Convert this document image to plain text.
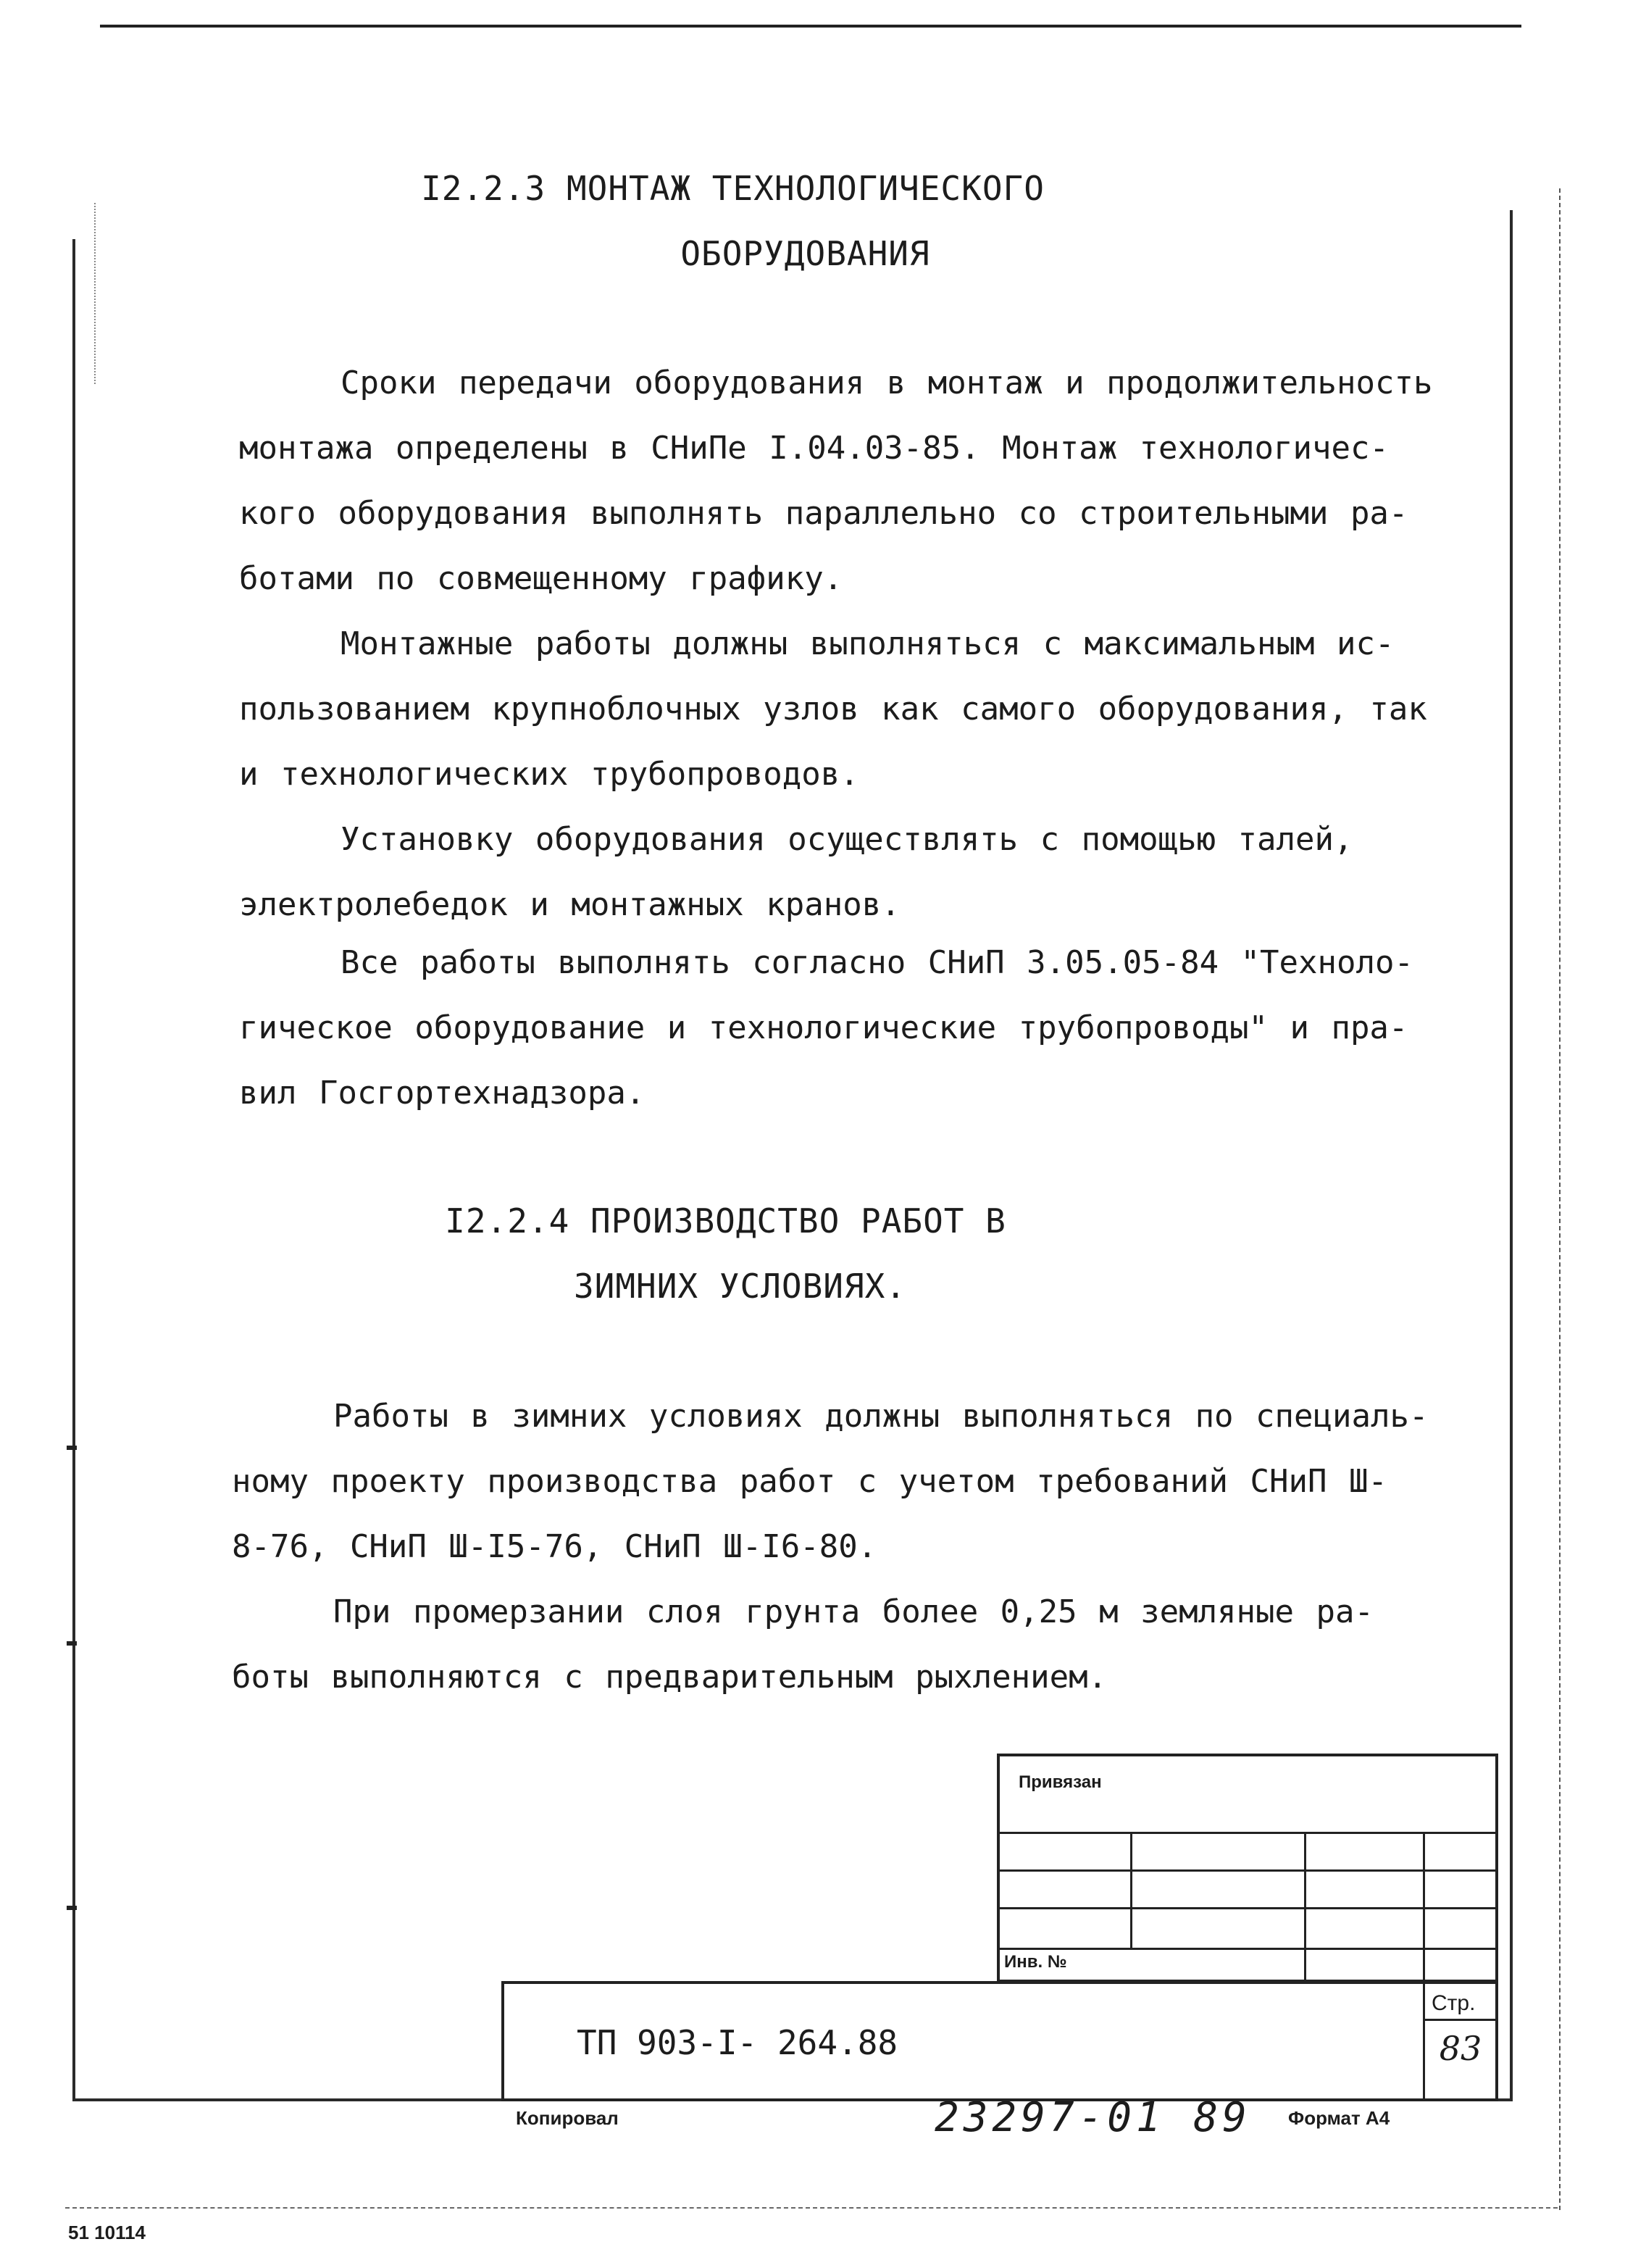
I2.2.3 МОНТАЖ ТЕХНОЛОГИЧЕСКОГО
ОБОРУДОВАНИЯ
Сроки передачи оборудования в монтаж и продолжительность
монтажа определены в СНиПе I.04.03-85. Монтаж технологичес-
кого оборудования выполнять параллельно со строительными ра-
ботами по совмещенному графику.
Монтажные работы должны выполняться с максимальным ис-
пользованием крупноблочных узлов как самого оборудования, так
и технологических трубопроводов.
Установку оборудования осуществлять с помощью талей,
электролебедок и монтажных кранов.
Все работы выполнять согласно СНиП 3.05.05-84 "Техноло-
гическое оборудование и технологические трубопроводы" и пра-
вил Госгортехнадзора.
I2.2.4 ПРОИЗВОДСТВО РАБОТ В
ЗИМНИХ УСЛОВИЯХ.
Работы в зимних условиях должны выполняться по специаль-
ному проекту производства работ с учетом требований СНиП Ш-
8-76, СНиП Ш-I5-76, СНиП Ш-I6-80.
При промерзании слоя грунта более 0,25 м земляные ра-
боты выполняются с предварительным рыхлением.
Привязан
Инв. №
ТП 903-I- 264.88
Стр.
83
Копировал	23297-01 89 Формат А4
51 10114
